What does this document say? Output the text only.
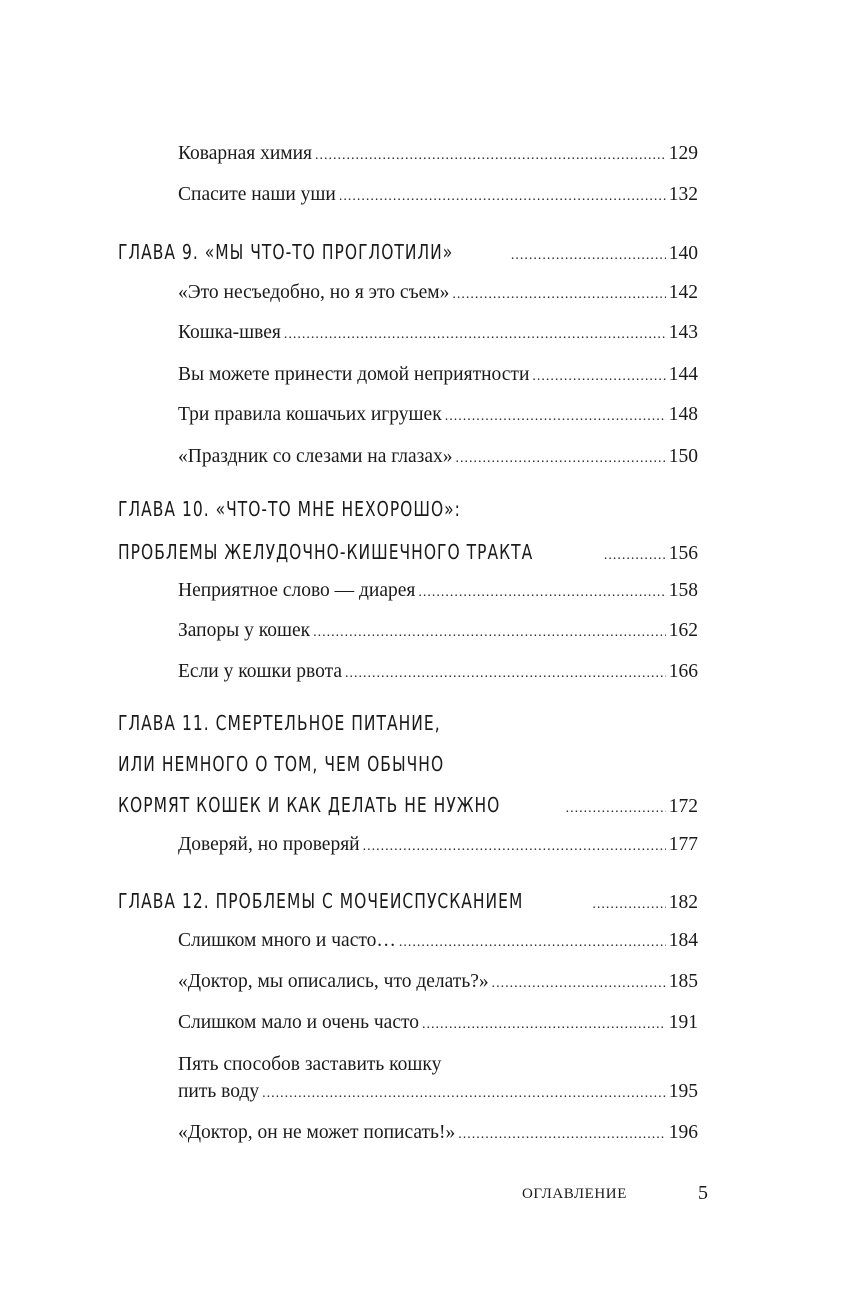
Коварная химия .....	129
Спасите наши уши .....	132
ГЛАВА 9. «МЫ ЧТО-ТО ПРОГЛОТИЛИ» .....	140
«Это несъедобно, но я это съем» .....	142
Кошка-швея .....	143
Вы можете принести домой неприятности .....	144
Три правила кошачьих игрушек .....	148
«Праздник со слезами на глазах» .....	150
ГЛАВА 10. «ЧТО-ТО МНЕ НЕХОРОШО»:
ПРОБЛЕМЫ ЖЕЛУДОЧНО-КИШЕЧНОГО ТРАКТА .....	156
Неприятное слово — диарея .....	158
Запоры у кошек .....	162
Если у кошки рвота .....	166
ГЛАВА 11. СМЕРТЕЛЬНОЕ ПИТАНИЕ,
ИЛИ НЕМНОГО О ТОМ, ЧЕМ ОБЫЧНО
КОРМЯТ КОШЕК И КАК ДЕЛАТЬ НЕ НУЖНО .....	172
Доверяй, но проверяй .....	177
ГЛАВА 12. ПРОБЛЕМЫ С МОЧЕИСПУСКАНИЕМ .....	182
Слишком много и часто… .....	184
«Доктор, мы описались, что делать?» .....	185
Слишком мало и очень часто .....	191
Пять способов заставить кошку
пить воду .....	195
«Доктор, он не может пописать!» .....	196
ОГЛАВЛЕНИЕ	5
